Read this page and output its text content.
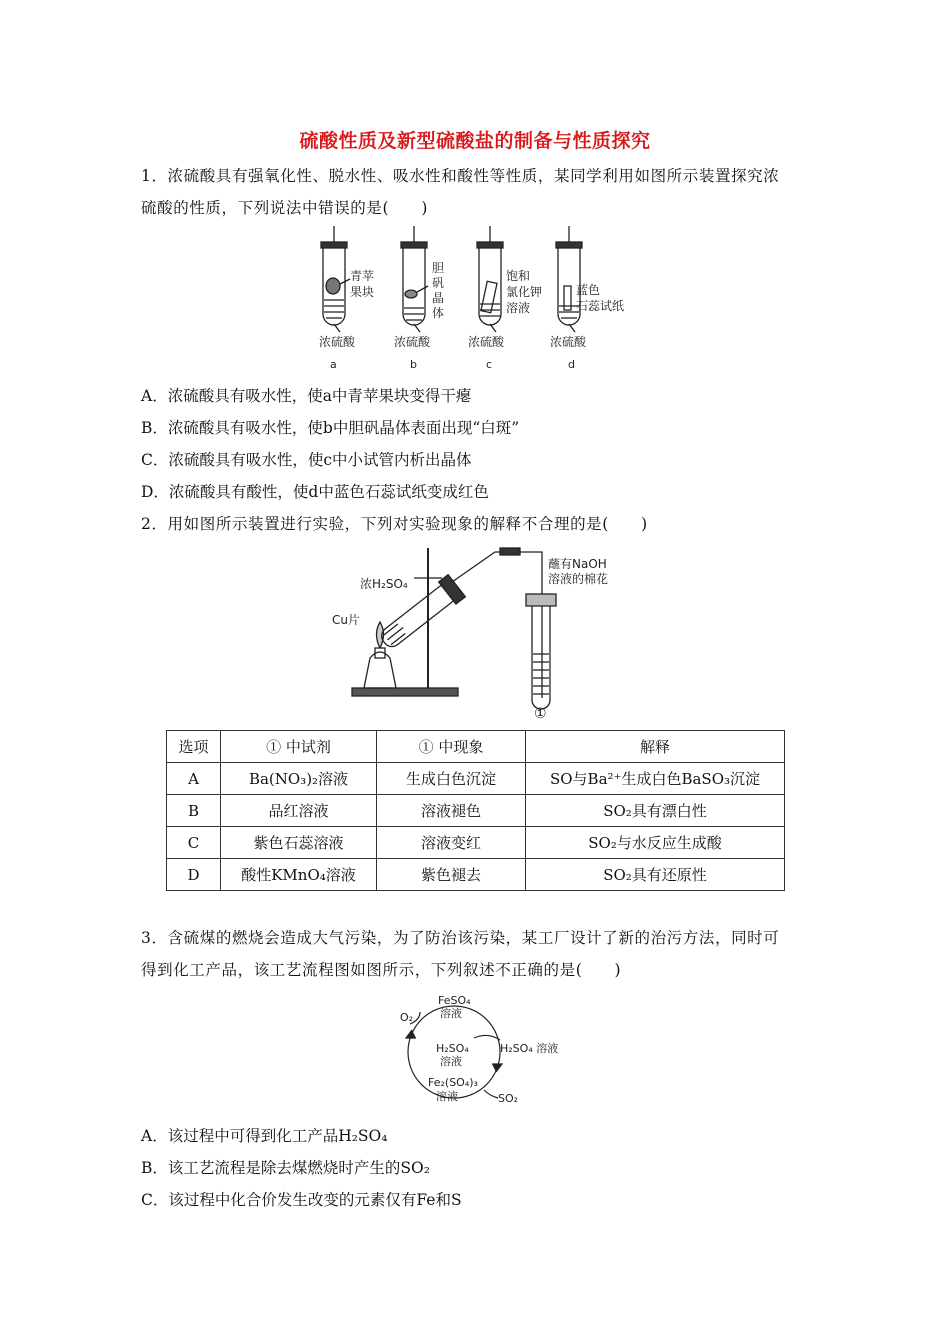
硫酸性质及新型硫酸盐的制备与性质探究
1．浓硫酸具有强氧化性、脱水性、吸水性和酸性等性质，某同学利用如图所示装置探究浓
硫酸的性质，下列说法中错误的是(　　)
青苹
果块
胆
矾
晶
体
饱和
氯化钾
溶液
蓝色
石蕊试纸
浓硫酸	浓硫酸	浓硫酸	浓硫酸
a	b	c	d
A．浓硫酸具有吸水性，使a中青苹果块变得干瘪
B．浓硫酸具有吸水性，使b中胆矾晶体表面出现“白斑”
C．浓硫酸具有吸水性，使c中小试管内析出晶体
D．浓硫酸具有酸性，使d中蓝色石蕊试纸变成红色
2．用如图所示装置进行实验，下列对实验现象的解释不合理的是(　　)
浓H₂SO₄
Cu片
蘸有NaOH
溶液的棉花
①
选项	① 中试剂	① 中现象	解释
A	Ba(NO₃)₂溶液	生成白色沉淀	SO与Ba²⁺生成白色BaSO₃沉淀
B	品红溶液	溶液褪色	SO₂具有漂白性
C	紫色石蕊溶液	溶液变红	SO₂与水反应生成酸
D	酸性KMnO₄溶液	紫色褪去	SO₂具有还原性
3．含硫煤的燃烧会造成大气污染，为了防治该污染，某工厂设计了新的治污方法，同时可
得到化工产品，该工艺流程图如图所示，下列叙述不正确的是(　　)
FeSO₄
溶液
O₂
H₂SO₄
溶液
H₂SO₄ 溶液
Fe₂(SO₄)₃
溶液	SO₂
A．该过程中可得到化工产品H₂SO₄
B．该工艺流程是除去煤燃烧时产生的SO₂
C．该过程中化合价发生改变的元素仅有Fe和S
